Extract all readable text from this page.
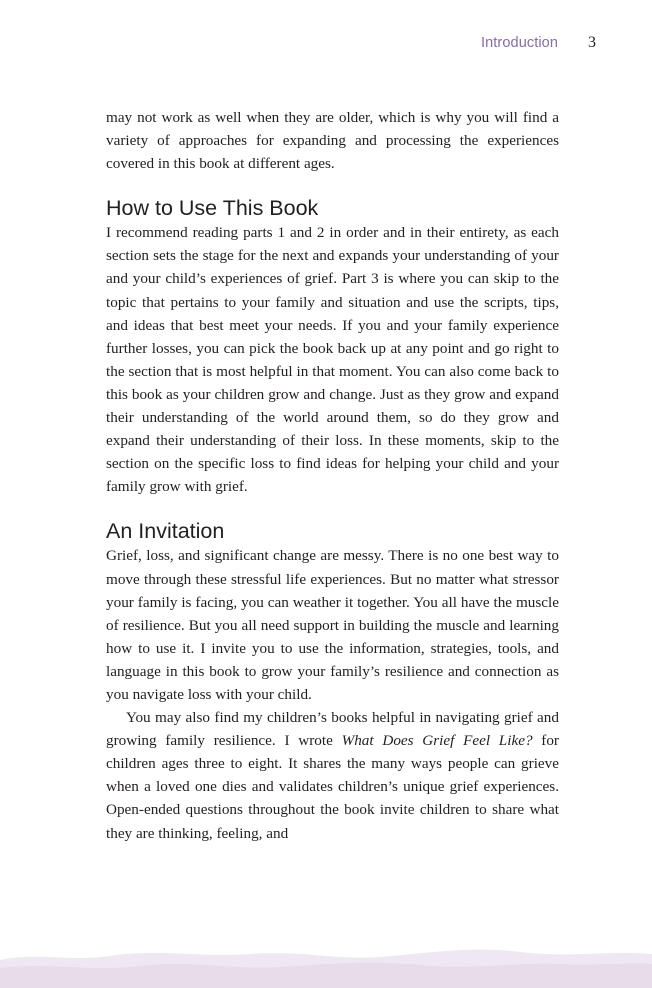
Introduction 3

may not work as well when they are older, which is why you will find a variety of approaches for expanding and processing the experiences covered in this book at different ages.

How to Use This Book

I recommend reading parts 1 and 2 in order and in their entirety, as each section sets the stage for the next and expands your understanding of your and your child’s experiences of grief. Part 3 is where you can skip to the topic that pertains to your family and situation and use the scripts, tips, and ideas that best meet your needs. If you and your family experience further losses, you can pick the book back up at any point and go right to the section that is most helpful in that moment. You can also come back to this book as your children grow and change. Just as they grow and expand their understanding of the world around them, so do they grow and expand their understanding of their loss. In these moments, skip to the section on the specific loss to find ideas for helping your child and your family grow with grief.

An Invitation

Grief, loss, and significant change are messy. There is no one best way to move through these stressful life experiences. But no matter what stressor your family is facing, you can weather it together. You all have the muscle of resilience. But you all need support in building the muscle and learning how to use it. I invite you to use the information, strategies, tools, and language in this book to grow your family’s resilience and connection as you navigate loss with your child.

You may also find my children’s books helpful in navigating grief and growing family resilience. I wrote What Does Grief Feel Like? for children ages three to eight. It shares the many ways people can grieve when a loved one dies and validates children’s unique grief experiences. Open-ended questions throughout the book invite children to share what they are thinking, feeling, and
